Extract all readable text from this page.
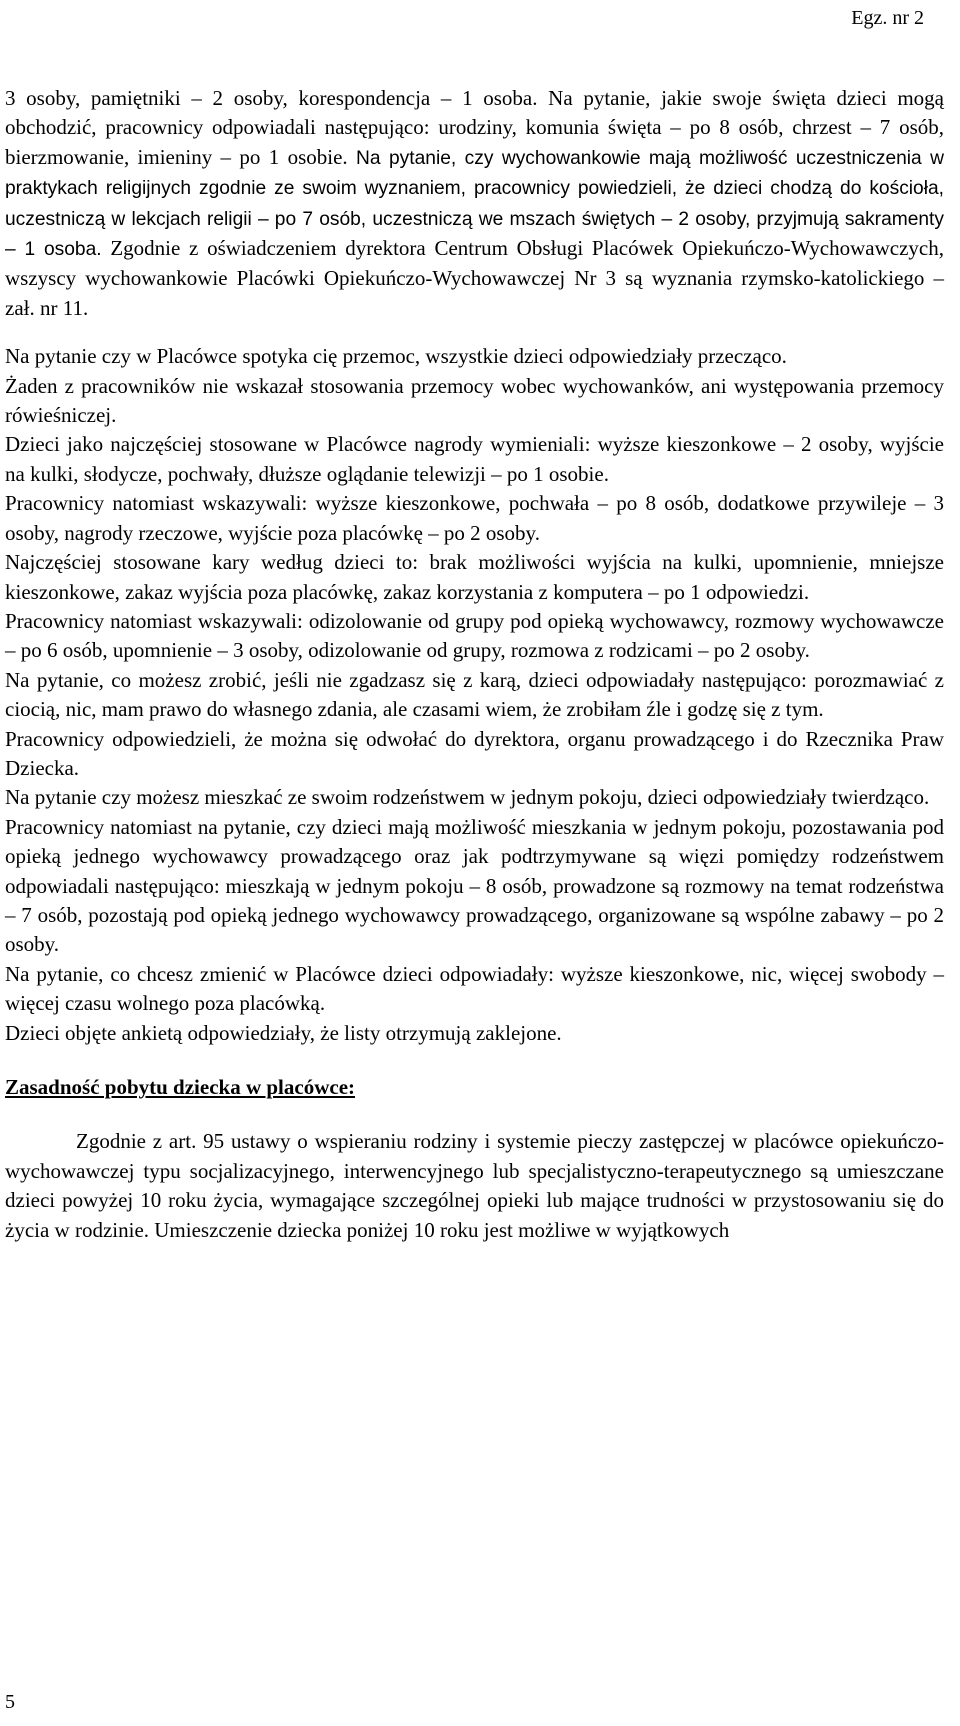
Egz. nr 2

3 osoby, pamiętniki – 2 osoby, korespondencja – 1 osoba. Na pytanie, jakie swoje święta dzieci mogą obchodzić, pracownicy odpowiadali następująco: urodziny, komunia święta – po 8 osób, chrzest – 7 osób, bierzmowanie, imieniny – po 1 osobie. Na pytanie, czy wychowankowie mają możliwość uczestniczenia w praktykach religijnych zgodnie ze swoim wyznaniem, pracownicy powiedzieli, że dzieci chodzą do kościoła, uczestniczą w lekcjach religii – po 7 osób, uczestniczą we mszach świętych – 2 osoby, przyjmują sakramenty – 1 osoba. Zgodnie z oświadczeniem dyrektora Centrum Obsługi Placówek Opiekuńczo-Wychowawczych, wszyscy wychowankowie Placówki Opiekuńczo-Wychowawczej Nr 3 są wyznania rzymsko-katolickiego – zał. nr 11.

Na pytanie czy w Placówce spotyka cię przemoc, wszystkie dzieci odpowiedziały przecząco.

Żaden z pracowników nie wskazał stosowania przemocy wobec wychowanków, ani występowania przemocy rówieśniczej.

Dzieci jako najczęściej stosowane w Placówce nagrody wymieniali: wyższe kieszonkowe – 2 osoby, wyjście na kulki, słodycze, pochwały, dłuższe oglądanie telewizji – po 1 osobie.

Pracownicy natomiast wskazywali: wyższe kieszonkowe, pochwała – po 8 osób, dodatkowe przywileje – 3 osoby, nagrody rzeczowe, wyjście poza placówkę – po 2 osoby.

Najczęściej stosowane kary według dzieci to: brak możliwości wyjścia na kulki, upomnienie, mniejsze kieszonkowe, zakaz wyjścia poza placówkę, zakaz korzystania z komputera – po 1 odpowiedzi.

Pracownicy natomiast wskazywali: odizolowanie od grupy pod opieką wychowawcy, rozmowy wychowawcze – po 6 osób, upomnienie – 3 osoby, odizolowanie od grupy, rozmowa z rodzicami – po 2 osoby.

Na pytanie, co możesz zrobić, jeśli nie zgadzasz się z karą, dzieci odpowiadały następująco: porozmawiać z ciocią, nic, mam prawo do własnego zdania, ale czasami wiem, że zrobiłam źle i godzę się z tym.

Pracownicy odpowiedzieli, że można się odwołać do dyrektora, organu prowadzącego i do Rzecznika Praw Dziecka.

Na pytanie czy możesz mieszkać ze swoim rodzeństwem w jednym pokoju, dzieci odpowiedziały twierdząco.

Pracownicy natomiast na pytanie, czy dzieci mają możliwość mieszkania w jednym pokoju, pozostawania pod opieką jednego wychowawcy prowadzącego oraz jak podtrzymywane są więzi pomiędzy rodzeństwem odpowiadali następująco: mieszkają w jednym pokoju – 8 osób, prowadzone są rozmowy na temat rodzeństwa – 7 osób, pozostają pod opieką jednego wychowawcy prowadzącego, organizowane są wspólne zabawy – po 2 osoby.

Na pytanie, co chcesz zmienić w Placówce dzieci odpowiadały: wyższe kieszonkowe, nic, więcej swobody – więcej czasu wolnego poza placówką.

Dzieci objęte ankietą odpowiedziały, że listy otrzymują zaklejone.

Zasadność pobytu dziecka w placówce:

Zgodnie z art. 95 ustawy o wspieraniu rodziny i systemie pieczy zastępczej w placówce opiekuńczo-wychowawczej typu socjalizacyjnego, interwencyjnego lub specjalistyczno-terapeutycznego są umieszczane dzieci powyżej 10 roku życia, wymagające szczególnej opieki lub mające trudności w przystosowaniu się do życia w rodzinie. Umieszczenie dziecka poniżej 10 roku jest możliwe w wyjątkowych

5
